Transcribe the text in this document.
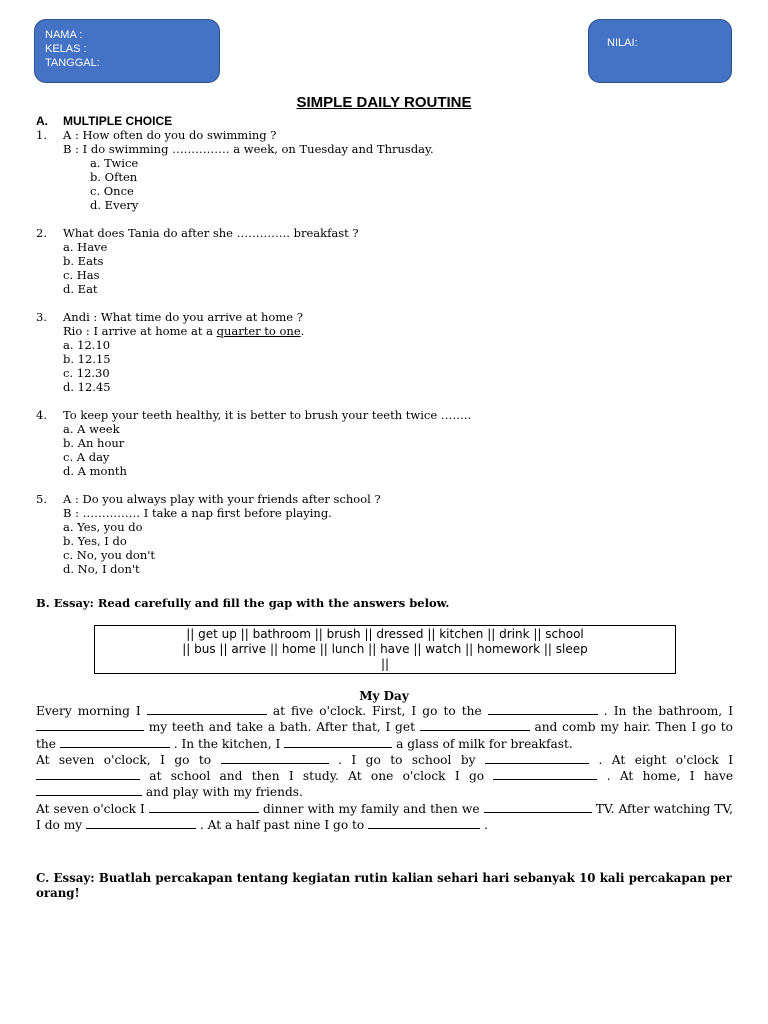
NAMA :
KELAS :
TANGGAL:
NILAI:
SIMPLE DAILY ROUTINE
A.	MULTIPLE CHOICE
1.	A : How often do you do swimming ?
B : I do swimming …………… a week, on Tuesday and Thrusday.
a. Twice
b. Often
c. Once
d. Every
2.	What does Tania do after she ………….. breakfast ?
a. Have
b. Eats
c. Has
d. Eat
3.	Andi : What time do you arrive at home ?
Rio : I arrive at home at a quarter to one.
a. 12.10
b. 12.15
c. 12.30
d. 12.45
4.	To keep your teeth healthy, it is better to brush your teeth twice ……..
a. A week
b. An hour
c. A day
d. A month
5.	A : Do you always play with your friends after school ?
B : …………… I take a nap first before playing.
a. Yes, you do
b. Yes, I do
c. No, you don't
d. No, I don't
B. Essay: Read carefully and fill the gap with the answers below.
|| get up || bathroom || brush || dressed || kitchen || drink || school
|| bus || arrive || home || lunch || have || watch || homework || sleep
||
My Day

Every morning I	at five o'clock. First, I go to the	. In the bathroom, I  my teeth and take a bath. After that, I get	and comb my hair. Then I go to the	. In the kitchen, I	a glass of milk for breakfast.

At seven o'clock, I go to	. I go to school by	. At eight o'clock I  at school and then I study. At one o'clock I go	. At home, I have  and play with my friends.

At seven o'clock I	dinner with my family and then we	TV. After watching TV, I do my	. At a half past nine I go to	.

C. Essay: Buatlah percakapan tentang kegiatan rutin kalian sehari hari sebanyak 10 kali percakapan per orang!
